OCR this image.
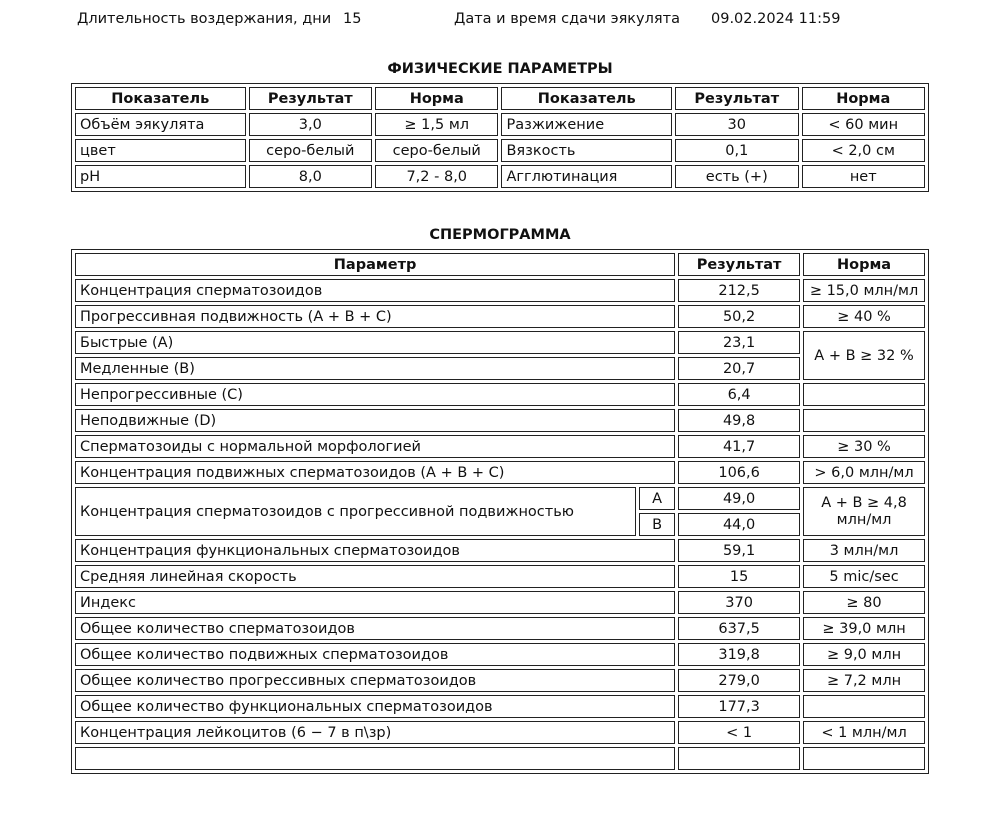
Длительность воздержания, дни 15	Дата и время сдачи эякулята 09.02.2024 11:59
ФИЗИЧЕСКИЕ ПАРАМЕТРЫ
Показатель	Результат	Норма	Показатель	Результат	Норма
Объём эякулята	3,0	≥ 1,5 мл	Разжижение	30	< 60 мин
цвет	серо-белый	серо-белый	Вязкость	0,1	< 2,0 см
pH	8,0	7,2 - 8,0	Агглютинация	есть (+)	нет
СПЕРМОГРАММА
Параметр		Результат	Норма
Концентрация сперматозоидов		212,5	≥ 15,0 млн/мл
Прогрессивная подвижность (A + B + C)		50,2	≥ 40 %
Быстрые (A)		23,1	A + B ≥ 32 %
Медленные (B)		20,7	
Непрогрессивные (C)		6,4	
Неподвижные (D)		49,8	
Сперматозоиды с нормальной морфологией		41,7	≥ 30 %
Концентрация подвижных сперматозоидов (A + B + C)		106,6	> 6,0 млн/мл
Концентрация сперматозоидов с прогрессивной подвижностью	A	49,0	A + B ≥ 4,8 млн/мл
	B	44,0	
Концентрация функциональных сперматозоидов		59,1	3 млн/мл
Средняя линейная скорость		15	5 mic/sec
Индекс		370	≥ 80
Общее количество сперматозоидов		637,5	≥ 39,0 млн
Общее количество подвижных сперматозоидов		319,8	≥ 9,0 млн
Общее количество прогрессивных сперматозоидов		279,0	≥ 7,2 млн
Общее количество функциональных сперматозоидов		177,3	
Концентрация лейкоцитов (6 − 7 в п\зр)		< 1	< 1 млн/мл
